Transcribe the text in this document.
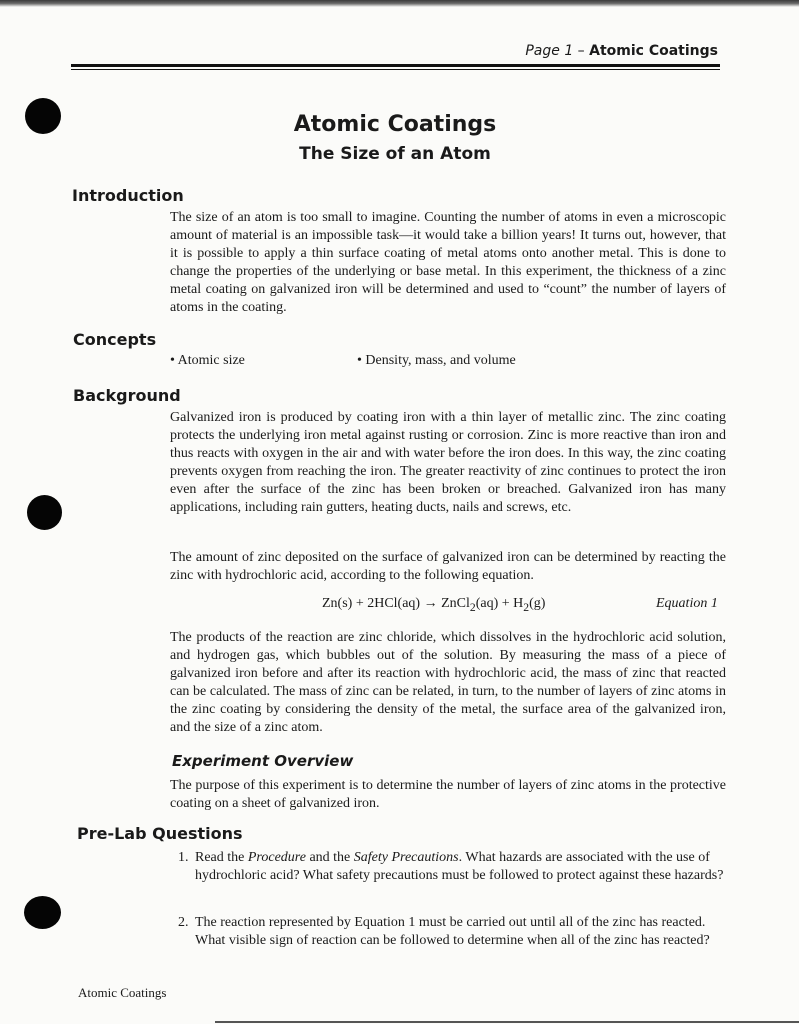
Page 1 – Atomic Coatings
Atomic Coatings
The Size of an Atom
Introduction

The size of an atom is too small to imagine. Counting the number of atoms in even a microscopic amount of material is an impossible task—it would take a billion years! It turns out, however, that it is possible to apply a thin surface coating of metal atoms onto another metal. This is done to change the properties of the underlying or base metal. In this experiment, the thickness of a zinc metal coating on galvanized iron will be determined and used to “count” the number of layers of atoms in the coating.

Concepts
• Atomic size	• Density, mass, and volume
Background

Galvanized iron is produced by coating iron with a thin layer of metallic zinc. The zinc coating protects the underlying iron metal against rusting or corrosion. Zinc is more reactive than iron and thus reacts with oxygen in the air and with water before the iron does. In this way, the zinc coating prevents oxygen from reaching the iron. The greater reactivity of zinc continues to protect the iron even after the surface of the zinc has been broken or breached. Galvanized iron has many applications, including rain gutters, heating ducts, nails and screws, etc.

The amount of zinc deposited on the surface of galvanized iron can be determined by reacting the zinc with hydrochloric acid, according to the following equation.

Zn(s) + 2HCl(aq) → ZnCl$_2$(aq) + $H_2(g)$	Equation 1

The products of the reaction are zinc chloride, which dissolves in the hydrochloric acid solution, and hydrogen gas, which bubbles out of the solution. By measuring the mass of a piece of galvanized iron before and after its reaction with hydrochloric acid, the mass of zinc that reacted can be calculated. The mass of zinc can be related, in turn, to the number of layers of zinc atoms in the zinc coating by considering the density of the metal, the surface area of the galvanized iron, and the size of a zinc atom.

Experiment Overview

The purpose of this experiment is to determine the number of layers of zinc atoms in the protective coating on a sheet of galvanized iron.

Pre-Lab Questions
1. Read the Procedure and the Safety Precautions. What hazards are associated with the use of hydrochloric acid? What safety precautions must be followed to protect against these hazards?
2. The reaction represented by Equation 1 must be carried out until all of the zinc has reacted. What visible sign of reaction can be followed to determine when all of the zinc has reacted?
Atomic Coatings
